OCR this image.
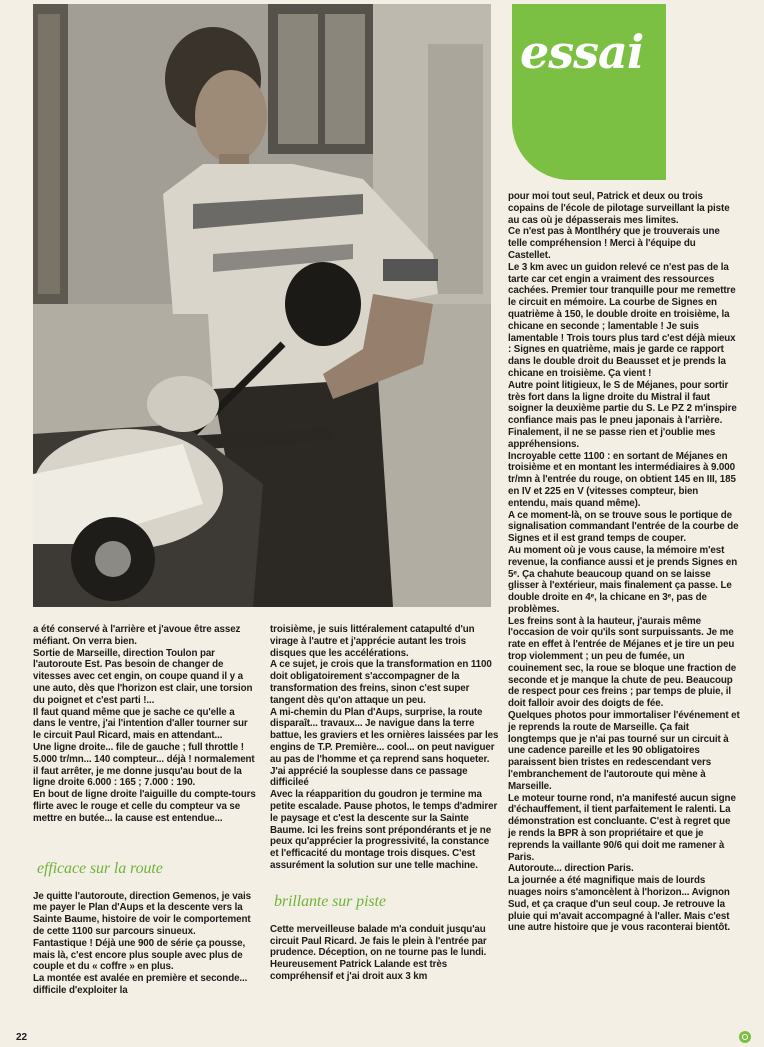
essai

pour moi tout seul, Patrick et deux ou trois copains de l'école de pilotage surveillant la piste au cas où je dépasserais mes limites.

Ce n'est pas à Montlhéry que je trouverais une telle compréhension ! Merci à l'équipe du Castellet.

Le 3 km avec un guidon relevé ce n'est pas de la tarte car cet engin a vraiment des ressources cachées. Premier tour tranquille pour me remettre le circuit en mémoire. La courbe de Signes en quatrième à 150, le double droite en troisième, la chicane en seconde ; lamentable ! Je suis lamentable ! Trois tours plus tard c'est déjà mieux : Signes en quatrième, mais je garde ce rapport dans le double droit du Beausset et je prends la chicane en troisième. Ça vient !

Autre point litigieux, le S de Méjanes, pour sortir très fort dans la ligne droite du Mistral il faut soigner la deuxième partie du S. Le PZ 2 m'inspire confiance mais pas le pneu japonais à l'arrière. Finalement, il ne se passe rien et j'oublie mes appréhensions.

Incroyable cette 1100 : en sortant de Méjanes en troisième et en montant les intermédiaires à 9.000 tr/mn à l'entrée du rouge, on obtient 145 en III, 185 en IV et 225 en V (vitesses compteur, bien entendu, mais quand même).

A ce moment-là, on se trouve sous le portique de signalisation commandant l'entrée de la courbe de Signes et il est grand temps de couper.

Au moment où je vous cause, la mémoire m'est revenue, la confiance aussi et je prends Signes en 5ᵉ. Ça chahute beaucoup quand on se laisse glisser à l'extérieur, mais finalement ça passe. Le double droite en 4ᵉ, la chicane en 3ᵉ, pas de problèmes.

Les freins sont à la hauteur, j'aurais même l'occasion de voir qu'ils sont surpuissants. Je me rate en effet à l'entrée de Méjanes et je tire un peu trop violemment ; un peu de fumée, un couinement sec, la roue se bloque une fraction de seconde et je manque la chute de peu. Beaucoup de respect pour ces freins ; par temps de pluie, il doit falloir avoir des doigts de fée.

Quelques photos pour immortaliser l'événement et je reprends la route de Marseille. Ça fait longtemps que je n'ai pas tourné sur un circuit à une cadence pareille et les 90 obligatoires paraissent bien tristes en redescendant vers l'embranchement de l'autoroute qui mène à Marseille.

Le moteur tourne rond, n'a manifesté aucun signe d'échauffement, il tient parfaitement le ralenti. La démonstration est concluante. C'est à regret que je rends la BPR à son propriétaire et que je reprends la vaillante 90/6 qui doit me ramener à Paris.

Autoroute... direction Paris.

La journée a été magnifique mais de lourds nuages noirs s'amoncèlent à l'horizon... Avignon Sud, et ça craque d'un seul coup. Je retrouve la pluie qui m'avait accompagné à l'aller. Mais c'est une autre histoire que je vous raconterai bientôt.

a été conservé à l'arrière et j'avoue être assez méfiant. On verra bien.

Sortie de Marseille, direction Toulon par l'autoroute Est. Pas besoin de changer de vitesses avec cet engin, on coupe quand il y a une auto, dès que l'horizon est clair, une torsion du poignet et c'est parti !...

Il faut quand même que je sache ce qu'elle a dans le ventre, j'ai l'intention d'aller tourner sur le circuit Paul Ricard, mais en attendant...

Une ligne droite... file de gauche ; full throttle ! 5.000 tr/mn... 140 compteur... déjà ! normalement il faut arrêter, je me donne jusqu'au bout de la ligne droite 6.000 : 165 ; 7.000 : 190.

En bout de ligne droite l'aiguille du compte-tours flirte avec le rouge et celle du compteur va se mettre en butée... la cause est entendue...

efficace sur la route

Je quitte l'autoroute, direction Gemenos, je vais me payer le Plan d'Aups et la descente vers la Sainte Baume, histoire de voir le comportement de cette 1100 sur parcours sinueux.

Fantastique ! Déjà une 900 de série ça pousse, mais là, c'est encore plus souple avec plus de couple et du « coffre » en plus.

La montée est avalée en première et seconde... difficile d'exploiter la

troisième, je suis littéralement catapulté d'un virage à l'autre et j'apprécie autant les trois disques que les accélérations.

A ce sujet, je crois que la transformation en 1100 doit obligatoirement s'accompagner de la transformation des freins, sinon c'est super tangent dès qu'on attaque un peu.

A mi-chemin du Plan d'Aups, surprise, la route disparaît... travaux... Je navigue dans la terre battue, les graviers et les ornières laissées par les engins de T.P. Première... cool... on peut naviguer au pas de l'homme et ça reprend sans hoqueter. J'ai apprécié la souplesse dans ce passage difficileé

Avec la réapparition du goudron je termine ma petite escalade. Pause photos, le temps d'admirer le paysage et c'est la descente sur la Sainte Baume. Ici les freins sont prépondérants et je ne peux qu'apprécier la progressivité, la constance et l'efficacité du montage trois disques. C'est assurément la solution sur une telle machine.

brillante sur piste

Cette merveilleuse balade m'a conduit jusqu'au circuit Paul Ricard. Je fais le plein à l'entrée par prudence. Déception, on ne tourne pas le lundi.

Heureusement Patrick Lalande est très compréhensif et j'ai droit aux 3 km

22
